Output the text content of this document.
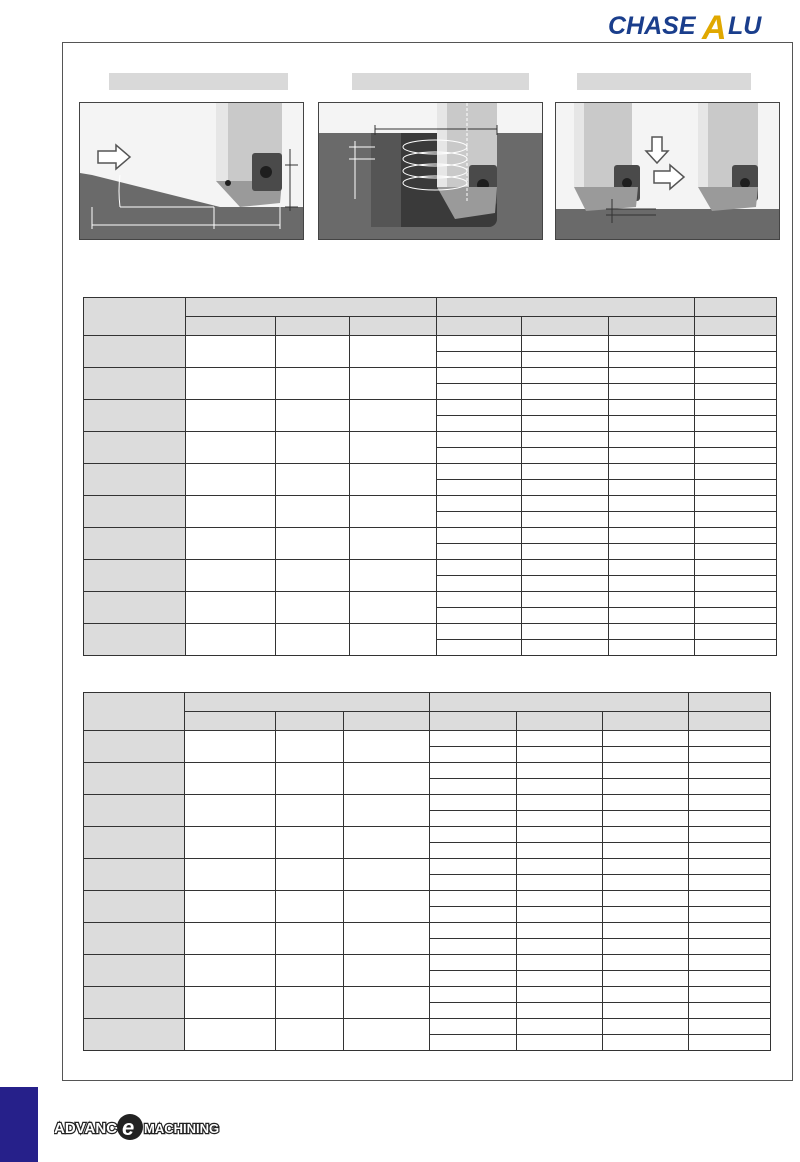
CHASE A LU

ADVANC e MACHINING
